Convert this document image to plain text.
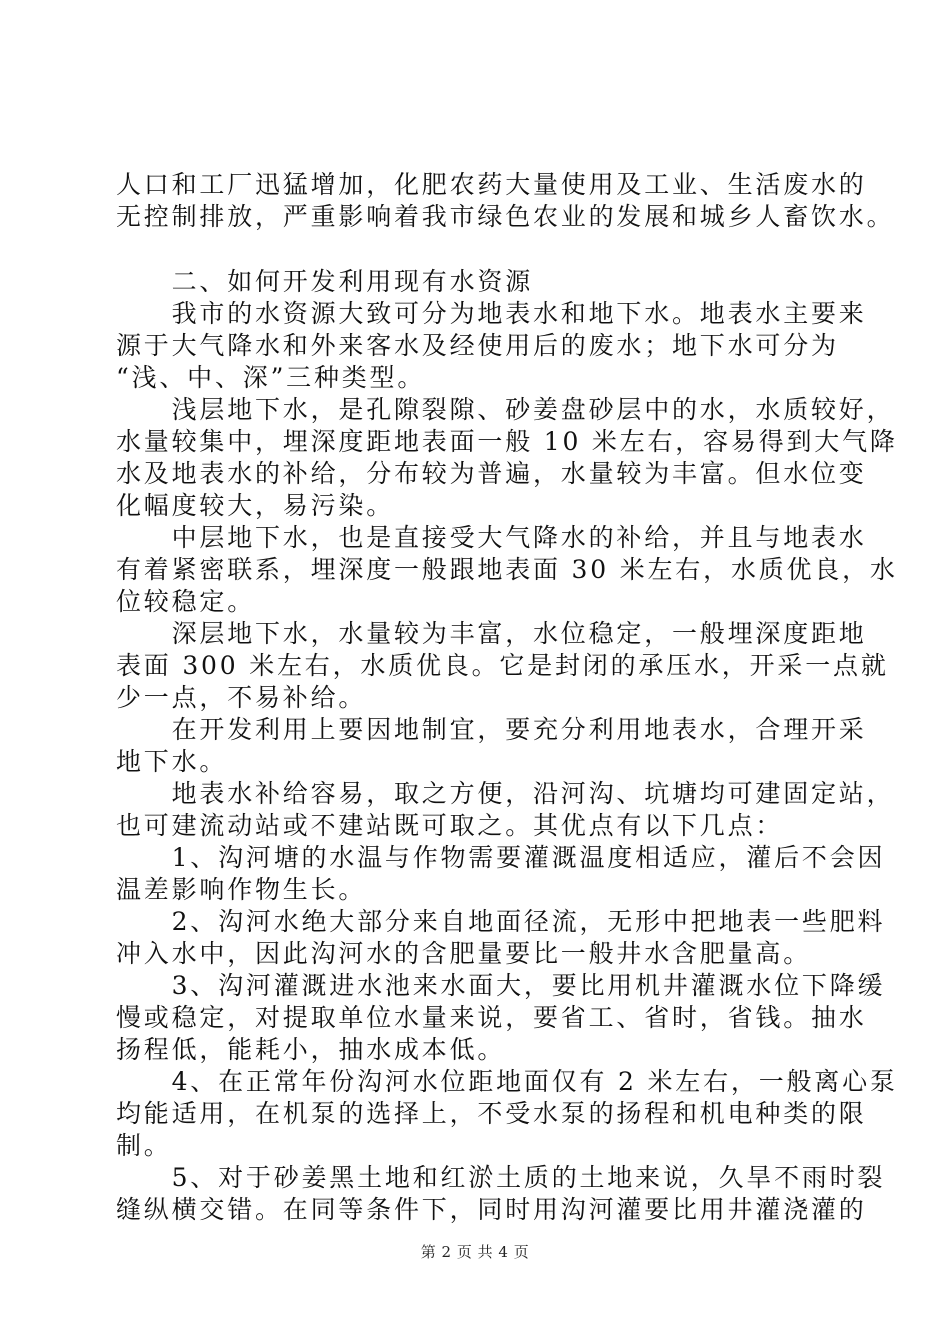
人口和工厂迅猛增加，化肥农药大量使用及工业、生活废水的
无控制排放，严重影响着我市绿色农业的发展和城乡人畜饮水。
　　二、如何开发利用现有水资源
　　我市的水资源大致可分为地表水和地下水。地表水主要来
源于大气降水和外来客水及经使用后的废水；地下水可分为
“浅、中、深”三种类型。
　　浅层地下水，是孔隙裂隙、砂姜盘砂层中的水，水质较好，
水量较集中，埋深度距地表面一般 10 米左右，容易得到大气降
水及地表水的补给，分布较为普遍，水量较为丰富。但水位变
化幅度较大，易污染。
　　中层地下水，也是直接受大气降水的补给，并且与地表水
有着紧密联系，埋深度一般跟地表面 30 米左右，水质优良，水
位较稳定。
　　深层地下水，水量较为丰富，水位稳定，一般埋深度距地
表面 300 米左右，水质优良。它是封闭的承压水，开采一点就
少一点，不易补给。
　　在开发利用上要因地制宜，要充分利用地表水，合理开采
地下水。
　　地表水补给容易，取之方便，沿河沟、坑塘均可建固定站，
也可建流动站或不建站既可取之。其优点有以下几点：
　　1、沟河塘的水温与作物需要灌溉温度相适应，灌后不会因
温差影响作物生长。
　　2、沟河水绝大部分来自地面径流，无形中把地表一些肥料
冲入水中，因此沟河水的含肥量要比一般井水含肥量高。
　　3、沟河灌溉进水池来水面大，要比用机井灌溉水位下降缓
慢或稳定，对提取单位水量来说，要省工、省时，省钱。抽水
扬程低，能耗小，抽水成本低。
　　4、在正常年份沟河水位距地面仅有 2 米左右，一般离心泵
均能适用，在机泵的选择上，不受水泵的扬程和机电种类的限
制。
　　5、对于砂姜黑土地和红淤土质的土地来说，久旱不雨时裂
缝纵横交错。在同等条件下，同时用沟河灌要比用井灌浇灌的
第 2 页 共 4 页
